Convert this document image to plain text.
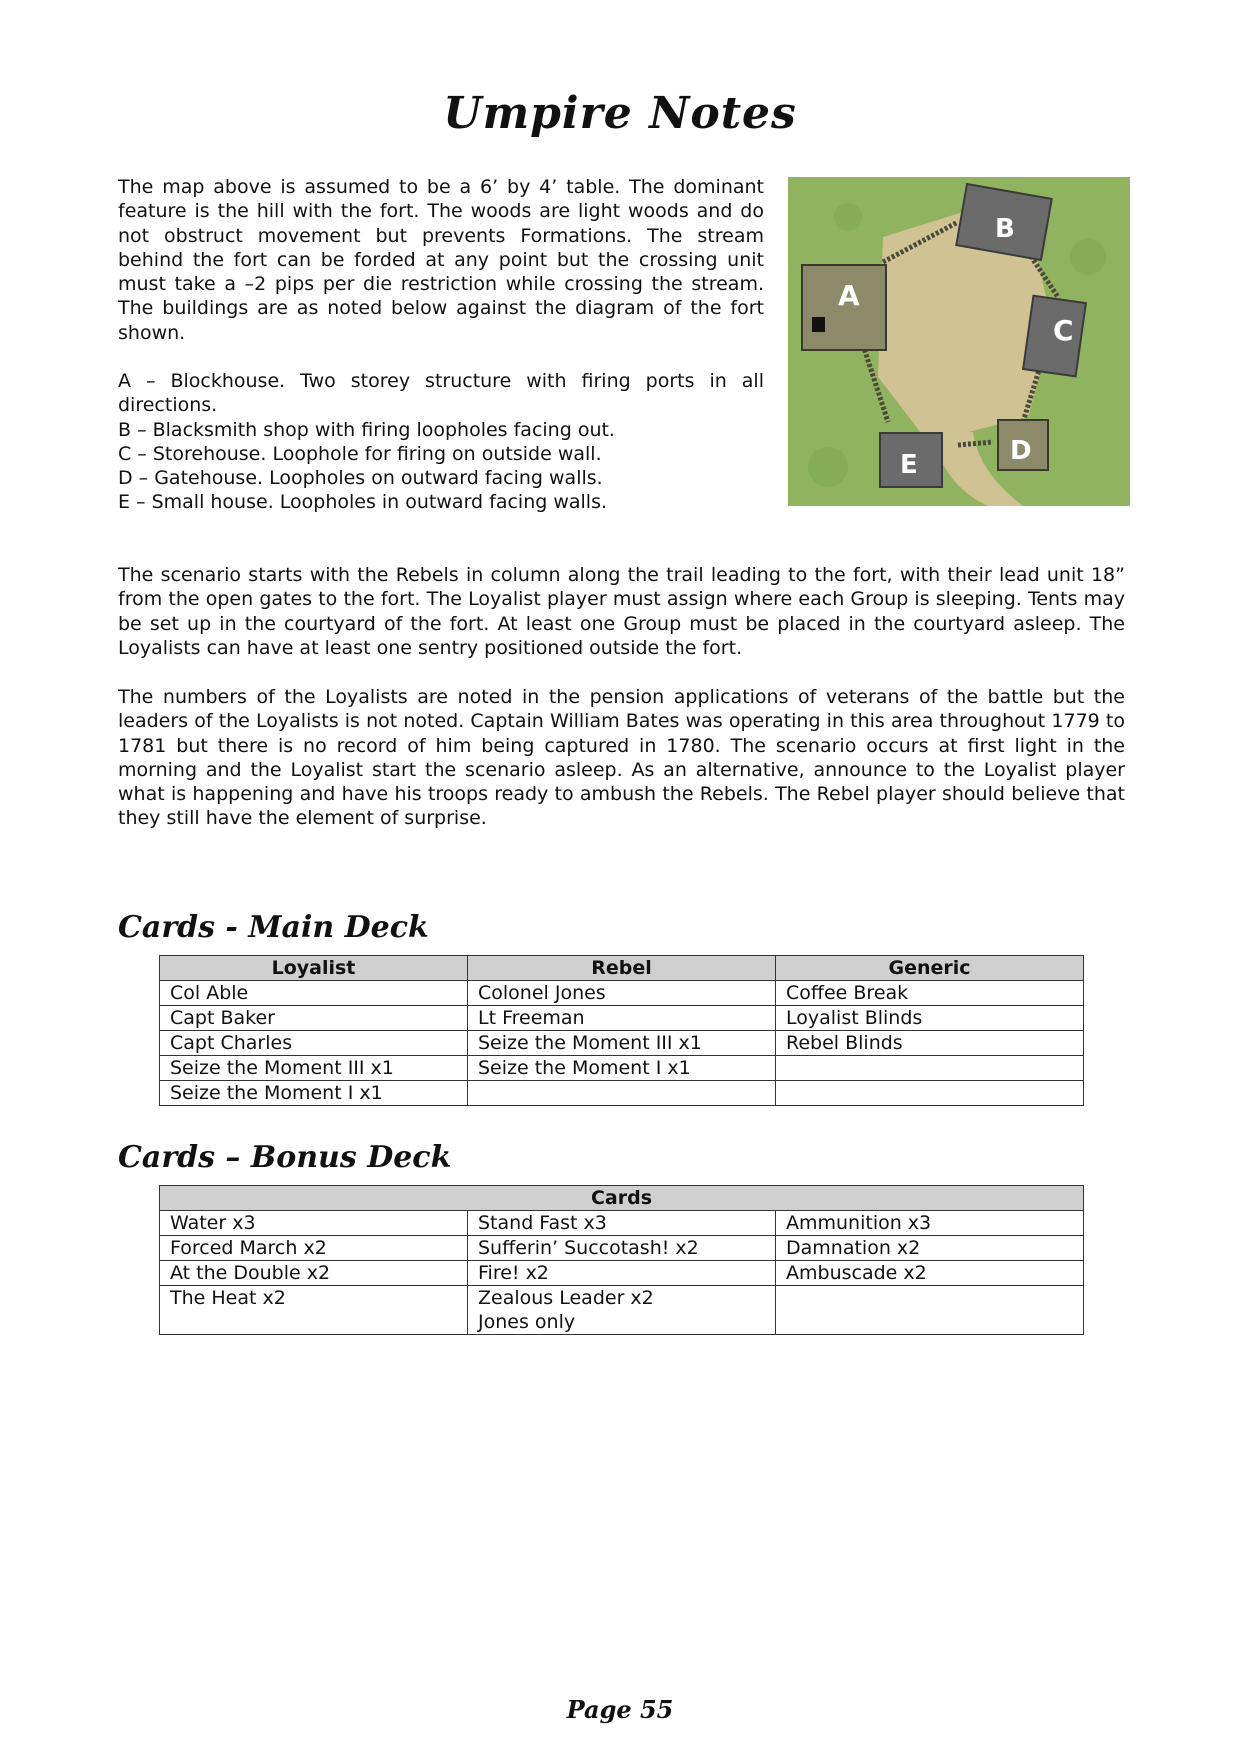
Umpire Notes

The map above is assumed to be a 6’ by 4’ table. The dominant feature is the hill with the fort. The woods are light woods and do not obstruct movement but prevents Formations. The stream behind the fort can be forded at any point but the crossing unit must take a –2 pips per die restriction while crossing the stream. The buildings are as noted below against the diagram of the fort shown.

A – Blockhouse. Two storey structure with firing ports in all directions.
B – Blacksmith shop with firing loopholes facing out.
C – Storehouse. Loophole for firing on outside wall.
D – Gatehouse. Loopholes on outward facing walls.
E – Small house. Loopholes in outward facing walls.
A
B
C
D
E

The scenario starts with the Rebels in column along the trail leading to the fort, with their lead unit 18” from the open gates to the fort. The Loyalist player must assign where each Group is sleeping. Tents may be set up in the courtyard of the fort. At least one Group must be placed in the courtyard asleep. The Loyalists can have at least one sentry positioned outside the fort.

The numbers of the Loyalists are noted in the pension applications of veterans of the battle but the leaders of the Loyalists is not noted. Captain William Bates was operating in this area throughout 1779 to 1781 but there is no record of him being captured in 1780. The scenario occurs at first light in the morning and the Loyalist start the scenario asleep. As an alternative, announce to the Loyalist player what is happening and have his troops ready to ambush the Rebels. The Rebel player should believe that they still have the element of surprise.

Cards - Main Deck
Loyalist	Rebel	Generic
Col Able	Colonel Jones	Coffee Break
Capt Baker	Lt Freeman	Loyalist Blinds
Capt Charles	Seize the Moment III x1	Rebel Blinds
Seize the Moment III x1	Seize the Moment I x1	
Seize the Moment I x1		
Cards – Bonus Deck
Cards		
Water x3	Stand Fast x3	Ammunition x3
Forced March x2	Sufferin’ Succotash! x2	Damnation x2
At the Double x2	Fire! x2	Ambuscade x2
The Heat x2	Zealous Leader x2
Jones only	

Page 55
